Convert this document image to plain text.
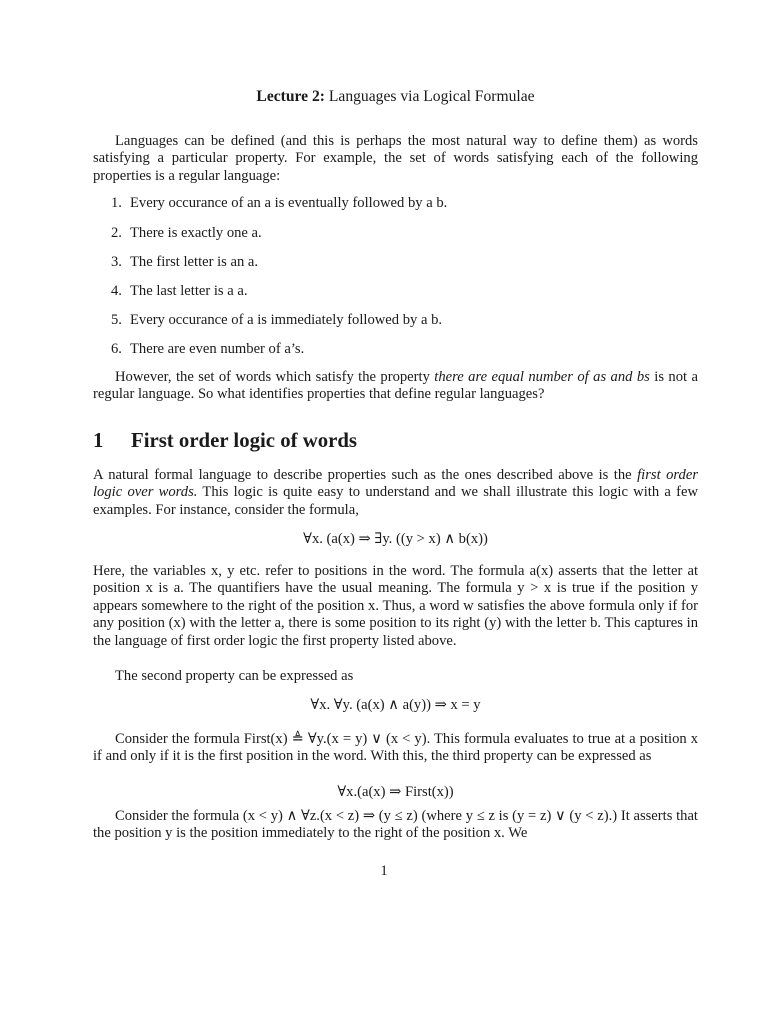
Lecture 2: Languages via Logical Formulae

Languages can be defined (and this is perhaps the most natural way to define them) as words satisfying a particular property. For example, the set of words satisfying each of the following properties is a regular language:

1. Every occurance of an a is eventually followed by a b.
2. There is exactly one a.
3. The first letter is an a.
4. The last letter is a a.
5. Every occurance of a is immediately followed by a b.
6. There are even number of a’s.

However, the set of words which satisfy the property there are equal number of as and bs is not a regular language. So what identifies properties that define regular languages?

1 First order logic of words

A natural formal language to describe properties such as the ones described above is the first order logic over words. This logic is quite easy to understand and we shall illustrate this logic with a few examples. For instance, consider the formula,

∀x. (a(x) ⇒ ∃y. ((y > x) ∧ b(x))

Here, the variables x, y etc. refer to positions in the word. The formula a(x) asserts that the letter at position x is a. The quantifiers have the usual meaning. The formula y > x is true if the position y appears somewhere to the right of the position x. Thus, a word w satisfies the above formula only if for any position (x) with the letter a, there is some position to its right (y) with the letter b. This captures in the language of first order logic the first property listed above.

The second property can be expressed as

∀x. ∀y. (a(x) ∧ a(y)) ⇒ x = y

Consider the formula First(x) ≜ ∀y.(x = y) ∨ (x < y). This formula evaluates to true at a position x if and only if it is the first position in the word. With this, the third property can be expressed as

∀x.(a(x) ⇒ First(x))

Consider the formula (x < y) ∧ ∀z.(x < z) ⇒ (y ≤ z) (where y ≤ z is (y = z) ∨ (y < z).) It asserts that the position y is the position immediately to the right of the position x. We

1
